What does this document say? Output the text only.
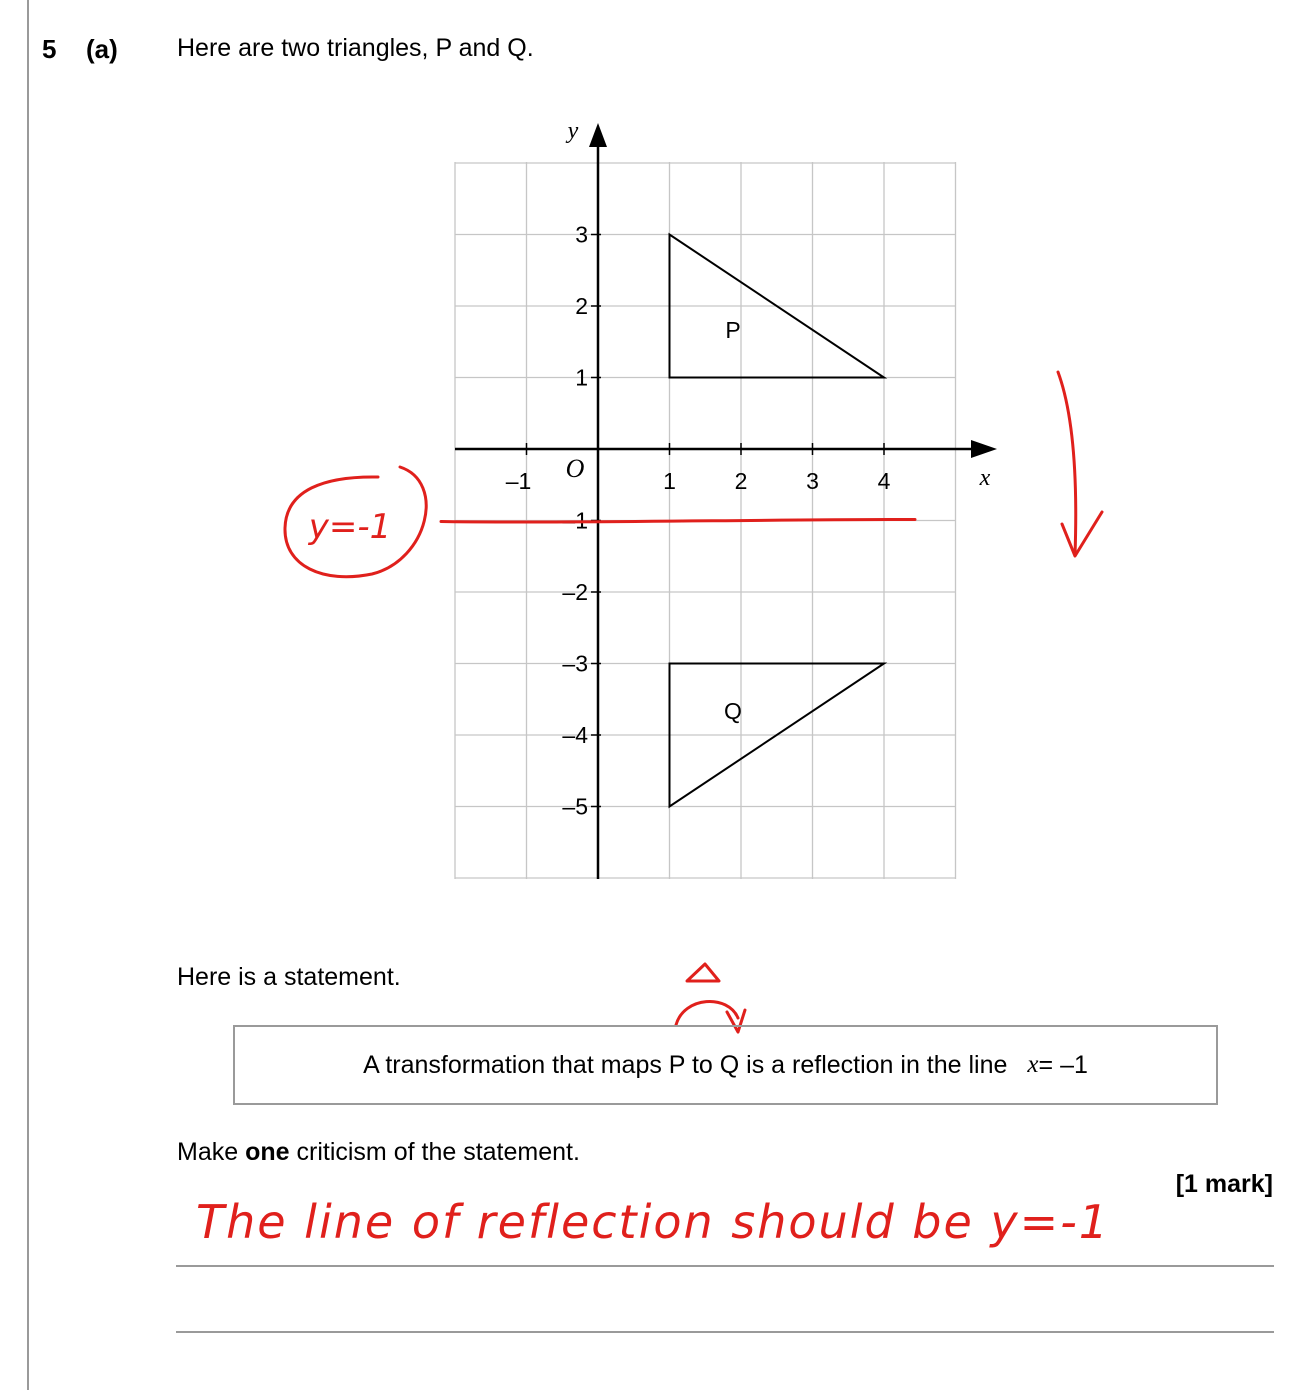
5 (a) Here are two triangles, P and Q.
x
y
O
–1	1	2	3	4
3
2
1
–1
–2
–3
–4
–5
P
Q
y=-1
Here is a statement.
A transformation that maps P to Q is a reflection in the line x = –1
Make one criticism of the statement.
[1 mark]
The line of reflection should be y=-1
